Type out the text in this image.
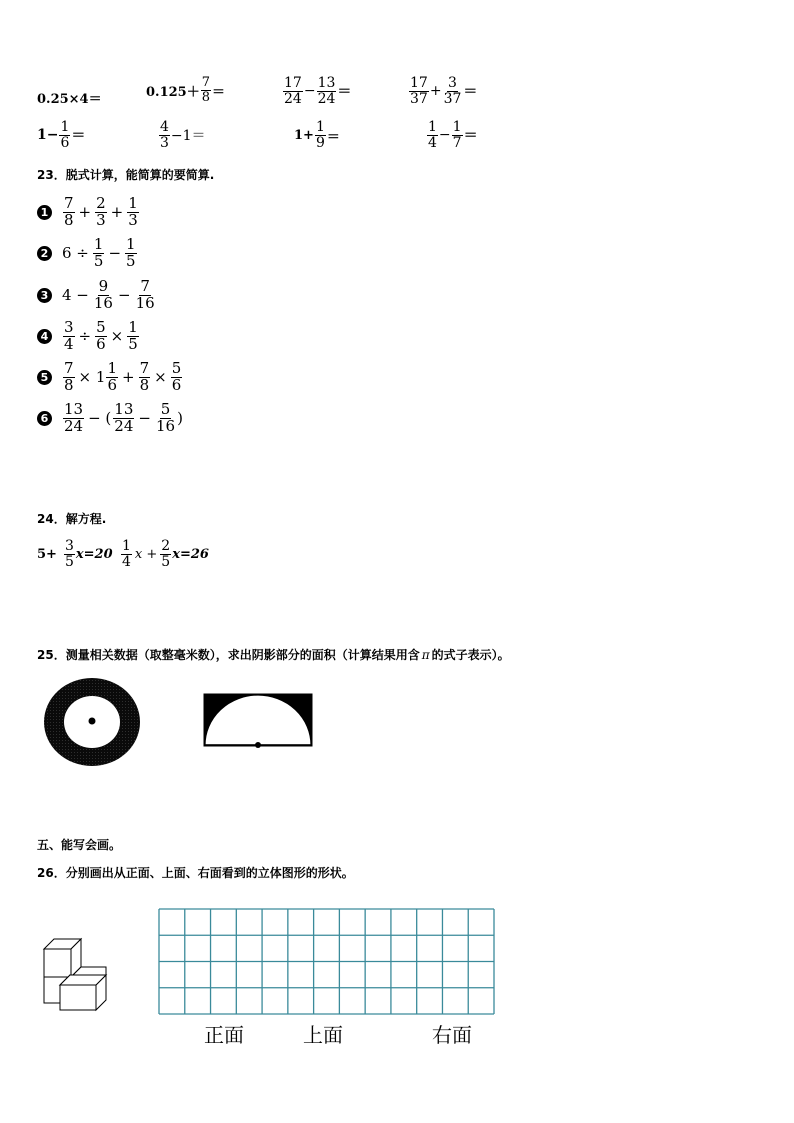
0.25×4＝	$0.125+ \frac{7}{8}$ ＝	$\frac{17}{24} - \frac{13}{24}$ ＝	$\frac{17}{37} + \frac{3}{37}$ ＝
$1- \frac{1}{6}$ ＝	$\frac{4}{3} -1=$	$1+ \frac{1}{9}$ ＝	$\frac{1}{4} - \frac{1}{7}$ ＝
23．脱式计算，能简算的要简算.
$1 \frac{7}{8} + \frac{2}{3} + \frac{1}{3}$
2 $6 \div \frac{1}{5} - \frac{1}{5}$
3 $4 - \frac{9}{16} - \frac{7}{16}$
$4 \frac{3}{4} \div \frac{5}{6} \times \frac{1}{5}$
$5 \frac{7}{8} \times 1 \frac{1}{6} + \frac{7}{8} \times \frac{5}{6}$
$6 \frac{13}{24}$ − ( $\frac{13}{24} - \frac{5}{16}$ )
24．解方程.
$5+ \frac{3}{5} x=20 \frac{1}{4}$ $x + \frac{2}{5} x=26$
25．测量相关数据（取整毫米数），求出阴影部分的面积（计算结果用含 π 的式子表示）。
五、能写会画。
26．分别画出从正面、上面、右面看到的立体图形的形状。
正面	上面	右面
